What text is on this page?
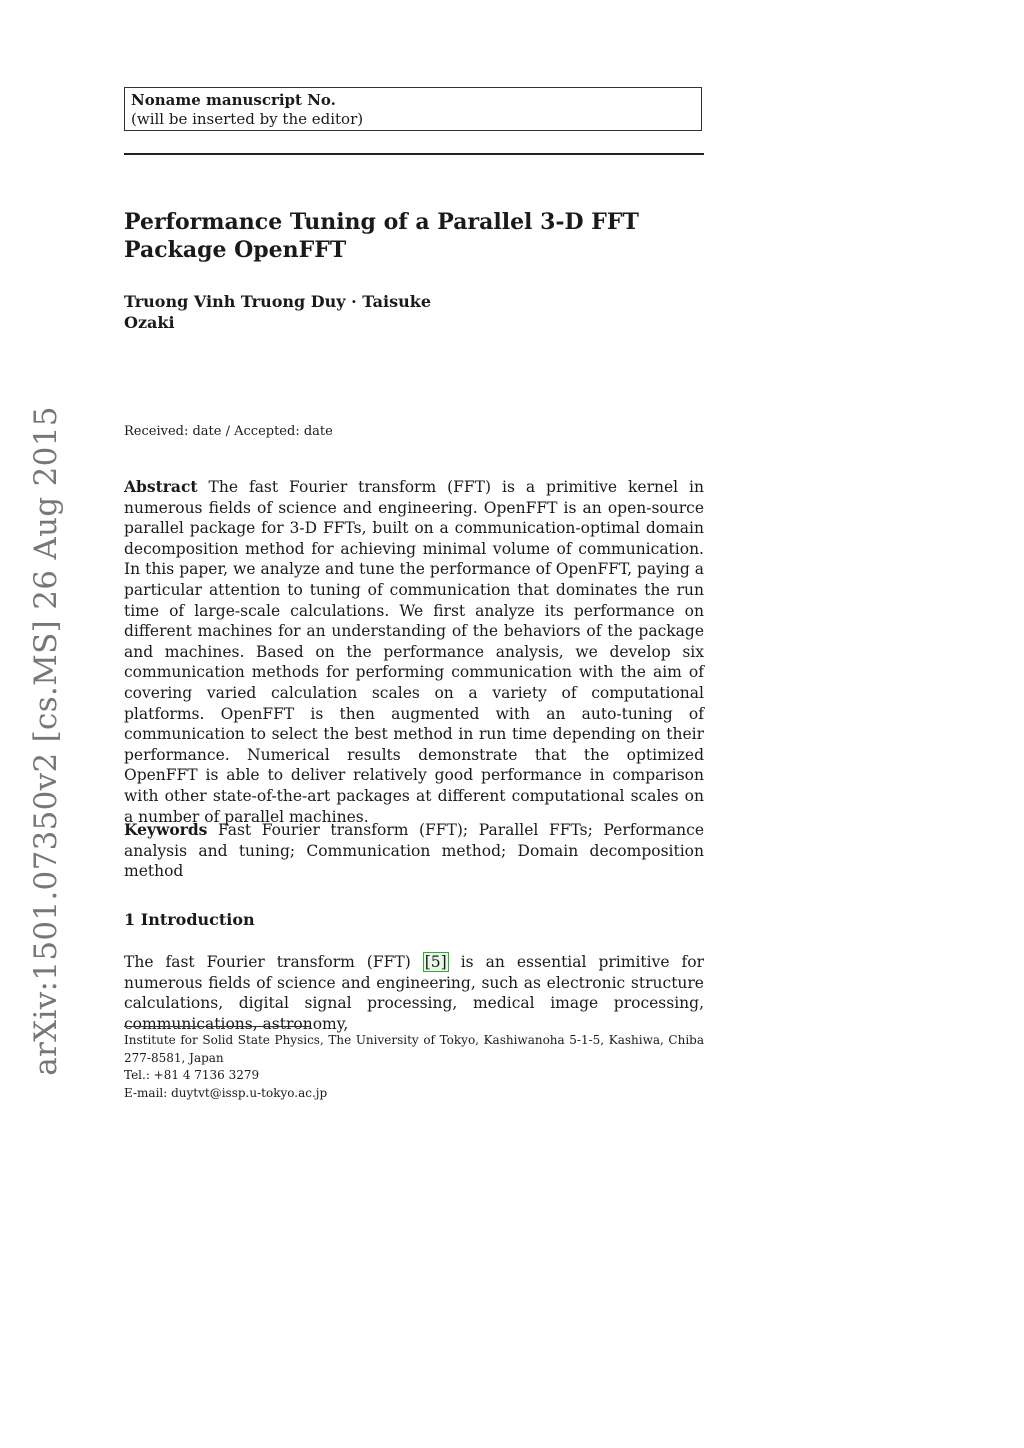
arXiv:1501.07350v2 [cs.MS] 26 Aug 2015
Noname manuscript No.
(will be inserted by the editor)
Performance Tuning of a Parallel 3-D FFT Package OpenFFT
Truong Vinh Truong Duy · Taisuke Ozaki
Received: date / Accepted: date
Abstract The fast Fourier transform (FFT) is a primitive kernel in numerous fields of science and engineering. OpenFFT is an open-source parallel package for 3-D FFTs, built on a communication-optimal domain decomposition method for achieving minimal volume of communication. In this paper, we analyze and tune the performance of OpenFFT, paying a particular attention to tuning of communication that dominates the run time of large-scale calculations. We first analyze its performance on different machines for an understanding of the behaviors of the package and machines. Based on the performance analysis, we develop six communication methods for performing communication with the aim of covering varied calculation scales on a variety of computational platforms. OpenFFT is then augmented with an auto-tuning of communication to select the best method in run time depending on their performance. Numerical results demonstrate that the optimized OpenFFT is able to deliver relatively good performance in comparison with other state-of-the-art packages at different computational scales on a number of parallel machines.
Keywords Fast Fourier transform (FFT); Parallel FFTs; Performance analysis and tuning; Communication method; Domain decomposition method
1 Introduction
The fast Fourier transform (FFT) [5] is an essential primitive for numerous fields of science and engineering, such as electronic structure calculations, digital signal processing, medical image processing, communications, astronomy,
Institute for Solid State Physics, The University of Tokyo, Kashiwanoha 5-1-5, Kashiwa, Chiba 277-8581, Japan
Tel.: +81 4 7136 3279
E-mail: duytvt@issp.u-tokyo.ac.jp
